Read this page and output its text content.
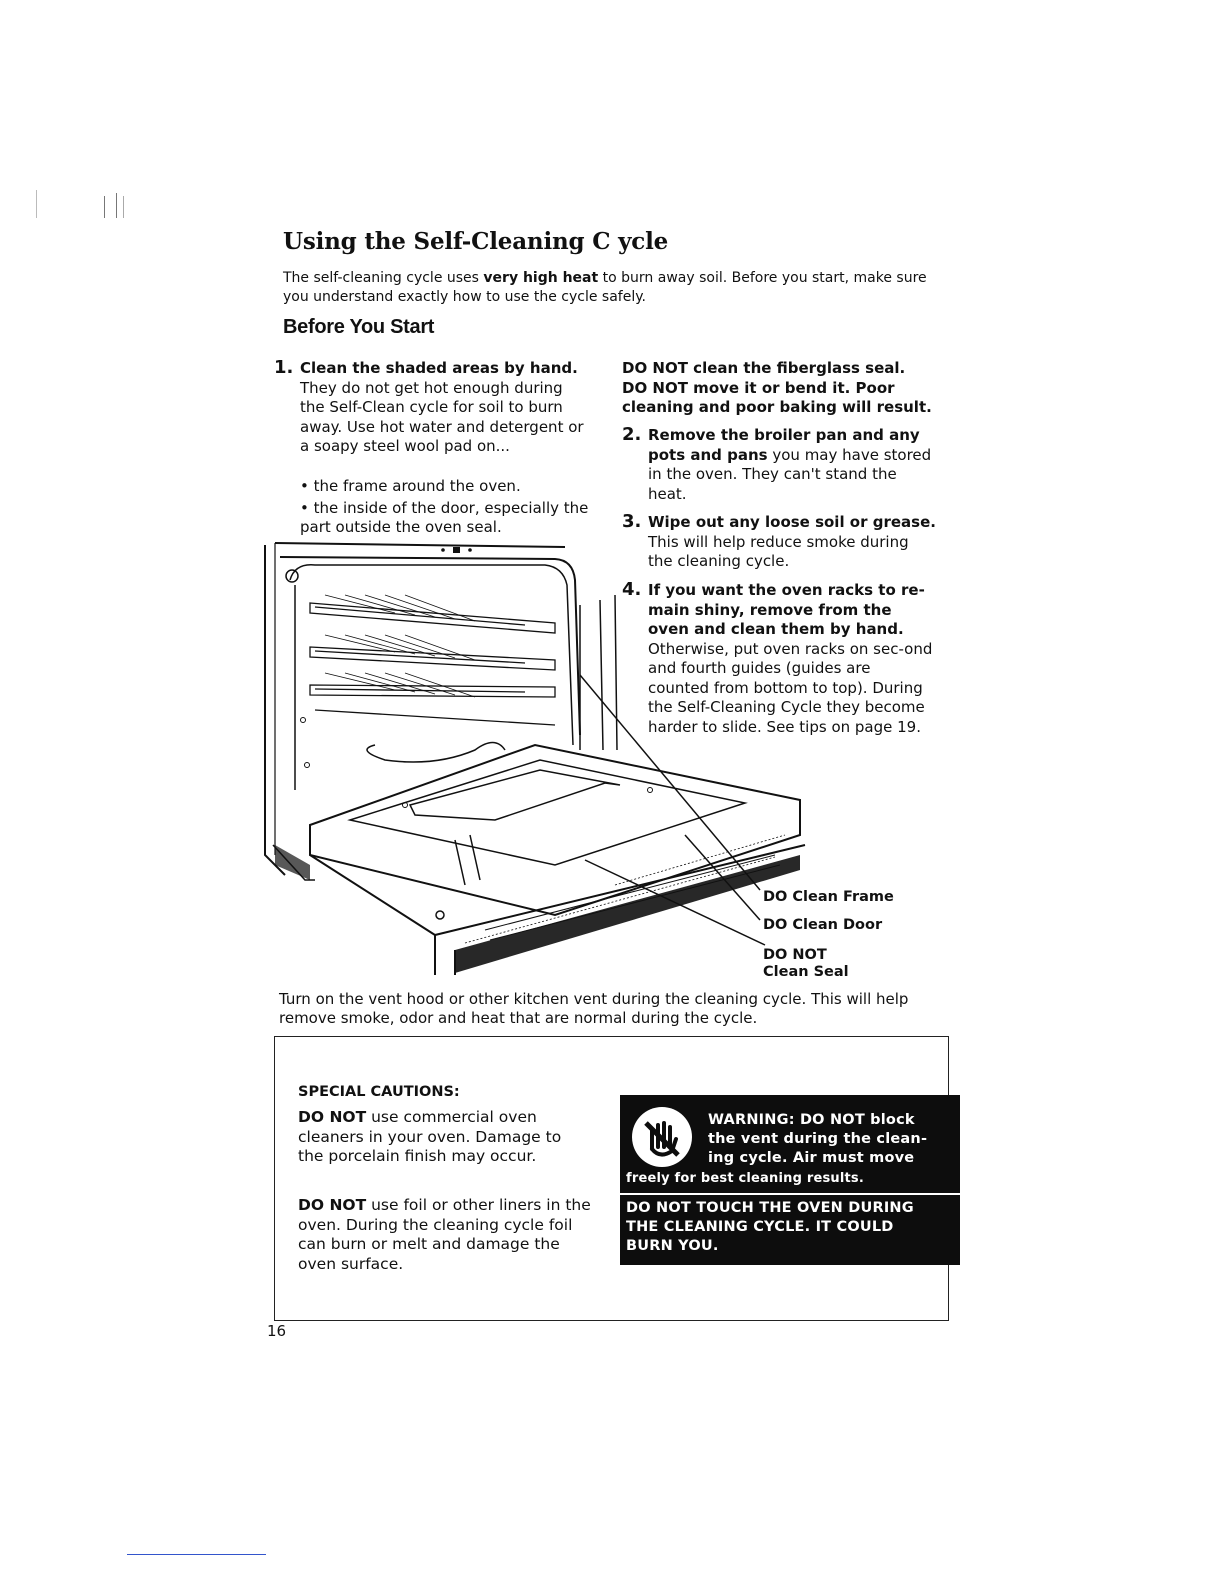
Using the Self-Cleaning C ycle
The self-cleaning cycle uses very high heat to burn away soil. Before you start, make sure you understand exactly how to use the cycle safely.
Before You Start
1. Clean the shaded areas by hand. They do not get hot enough during the Self-Clean cycle for soil to burn away. Use hot water and detergent or a soapy steel wool pad on...
• the frame around the oven.
• the inside of the door, especially the part outside the oven seal.
DO NOT clean the fiberglass seal.
DO NOT move it or bend it. Poor
cleaning and poor baking will result.
2. Remove the broiler pan and any pots and pans you may have stored in the oven. They can't stand the heat.
3. Wipe out any loose soil or grease. This will help reduce smoke during the cleaning cycle.
4. If you want the oven racks to re-main shiny, remove from the oven and clean them by hand. Otherwise, put oven racks on sec-ond and fourth guides (guides are counted from bottom to top). During the Self-Cleaning Cycle they become harder to slide. See tips on page 19.
DO Clean Frame
DO Clean Door
DO NOT
Clean Seal
Turn on the vent hood or other kitchen vent during the cleaning cycle. This will help remove smoke, odor and heat that are normal during the cycle.
SPECIAL CAUTIONS:
DO NOT use commercial oven cleaners in your oven. Damage to the porcelain finish may occur.
DO NOT use foil or other liners in the oven. During the cleaning cycle foil can burn or melt and damage the oven surface.
WARNING: DO NOT block
the vent during the clean-
ing cycle. Air must move
freely for best cleaning results.
DO NOT TOUCH THE OVEN DURING THE CLEANING CYCLE. IT COULD BURN YOU.
16
